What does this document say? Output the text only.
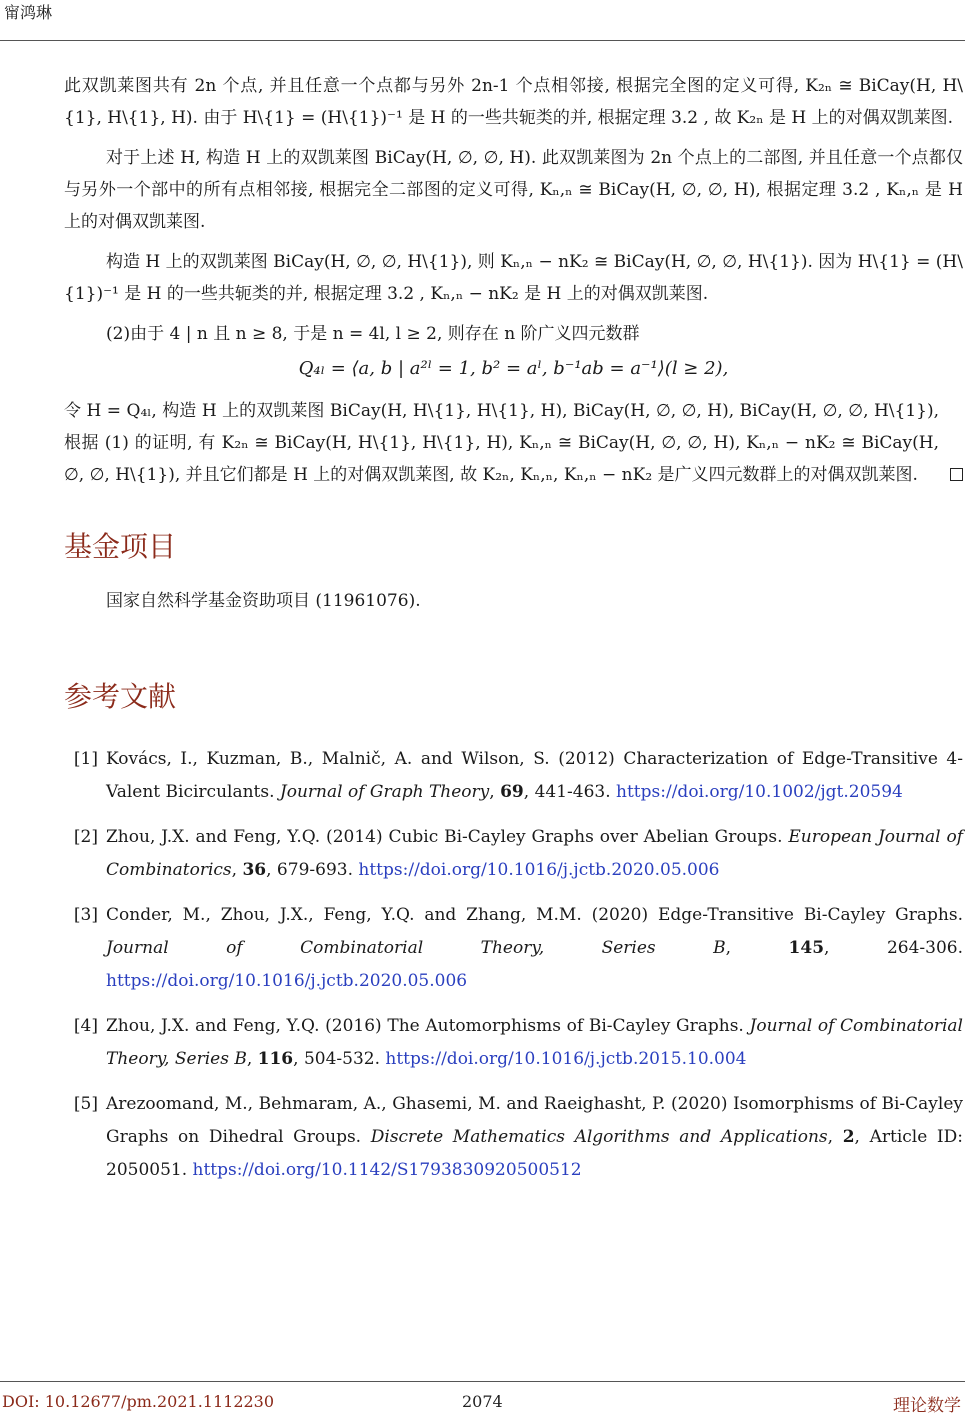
甯鸿琳

此双凯莱图共有 2n 个点, 并且任意一个点都与另外 2n-1 个点相邻接, 根据完全图的定义可得, K₂ₙ ≅ BiCay(H, H\{1}, H\{1}, H). 由于 H\{1} = (H\{1})⁻¹ 是 H 的一些共轭类的并, 根据定理 3.2 , 故 K₂ₙ 是 H 上的对偶双凯莱图.

对于上述 H, 构造 H 上的双凯莱图 BiCay(H, ∅, ∅, H). 此双凯莱图为 2n 个点上的二部图, 并且任意一个点都仅与另外一个部中的所有点相邻接, 根据完全二部图的定义可得, Kₙ,ₙ ≅ BiCay(H, ∅, ∅, H), 根据定理 3.2 , Kₙ,ₙ 是 H 上的对偶双凯莱图.

构造 H 上的双凯莱图 BiCay(H, ∅, ∅, H\{1}), 则 Kₙ,ₙ − nK₂ ≅ BiCay(H, ∅, ∅, H\{1}). 因为 H\{1} = (H\{1})⁻¹ 是 H 的一些共轭类的并, 根据定理 3.2 , Kₙ,ₙ − nK₂ 是 H 上的对偶双凯莱图.

(2)由于 4 | n 且 n ≥ 8, 于是 n = 4l, l ≥ 2, 则存在 n 阶广义四元数群

Q₄ₗ = ⟨a, b | a²ˡ = 1, b² = aˡ, b⁻¹ab = a⁻¹⟩(l ≥ 2),

令 H = Q₄ₗ, 构造 H 上的双凯莱图 BiCay(H, H\{1}, H\{1}, H), BiCay(H, ∅, ∅, H), BiCay(H, ∅, ∅, H\{1}), 根据 (1) 的证明, 有 K₂ₙ ≅ BiCay(H, H\{1}, H\{1}, H), Kₙ,ₙ ≅ BiCay(H, ∅, ∅, H), Kₙ,ₙ − nK₂ ≅ BiCay(H, ∅, ∅, H\{1}), 并且它们都是 H 上的对偶双凯莱图, 故 K₂ₙ, Kₙ,ₙ, Kₙ,ₙ − nK₂ 是广义四元数群上的对偶双凯莱图.

基金项目
国家自然科学基金资助项目 (11961076).
参考文献
[1] Kovács, I., Kuzman, B., Malnič, A. and Wilson, S. (2012) Characterization of Edge-Transitive 4-Valent Bicirculants. Journal of Graph Theory, 69, 441-463. https://doi.org/10.1002/jgt.20594
[2] Zhou, J.X. and Feng, Y.Q. (2014) Cubic Bi-Cayley Graphs over Abelian Groups. European Journal of Combinatorics, 36, 679-693. https://doi.org/10.1016/j.jctb.2020.05.006
[3] Conder, M., Zhou, J.X., Feng, Y.Q. and Zhang, M.M. (2020) Edge-Transitive Bi-Cayley Graphs. Journal of Combinatorial Theory, Series B, 145, 264-306. https://doi.org/10.1016/j.jctb.2020.05.006
[4] Zhou, J.X. and Feng, Y.Q. (2016) The Automorphisms of Bi-Cayley Graphs. Journal of Combinatorial Theory, Series B, 116, 504-532. https://doi.org/10.1016/j.jctb.2015.10.004
[5] Arezoomand, M., Behmaram, A., Ghasemi, M. and Raeighasht, P. (2020) Isomorphisms of Bi-Cayley Graphs on Dihedral Groups. Discrete Mathematics Algorithms and Applications, 2, Article ID: 2050051. https://doi.org/10.1142/S1793830920500512
DOI: 10.12677/pm.2021.1112230	2074	理论数学
